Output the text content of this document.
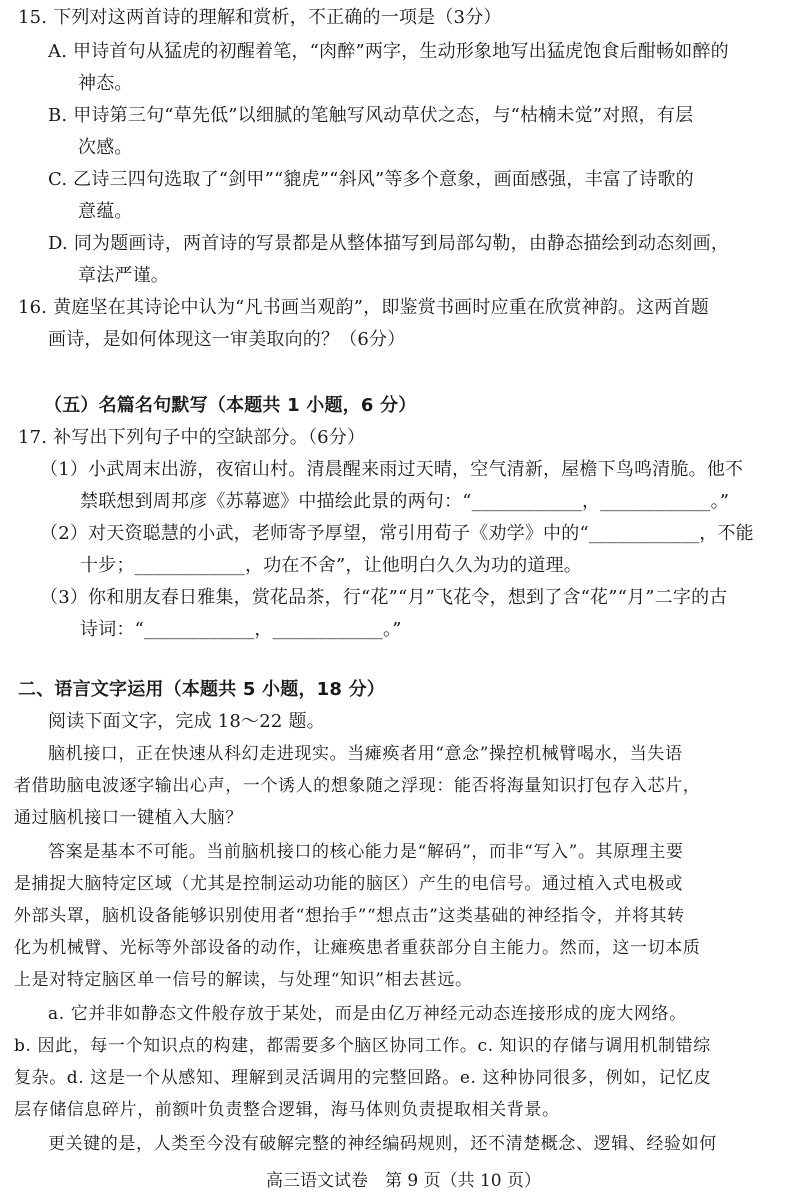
15. 下列对这两首诗的理解和赏析，不正确的一项是（3分）
A. 甲诗首句从猛虎的初醒着笔，“肉醉”两字，生动形象地写出猛虎饱食后酣畅如醉的
神态。
B. 甲诗第三句“草先低”以细腻的笔触写风动草伏之态，与“枯楠未觉”对照，有层
次感。
C. 乙诗三四句选取了“剑甲”“貔虎”“斜风”等多个意象，画面感强，丰富了诗歌的
意蕴。
D. 同为题画诗，两首诗的写景都是从整体描写到局部勾勒，由静态描绘到动态刻画，
章法严谨。
16. 黄庭坚在其诗论中认为“凡书画当观韵”，即鉴赏书画时应重在欣赏神韵。这两首题
画诗，是如何体现这一审美取向的？（6分）
（五）名篇名句默写（本题共 1 小题，6 分）
17. 补写出下列句子中的空缺部分。（6分）
（1）小武周末出游，夜宿山村。清晨醒来雨过天晴，空气清新，屋檐下鸟鸣清脆。他不
禁联想到周邦彦《苏幕遮》中描绘此景的两句：“____________，____________。”
（2）对天资聪慧的小武，老师寄予厚望，常引用荀子《劝学》中的“____________，不能
十步；____________，功在不舍”，让他明白久久为功的道理。
（3）你和朋友春日雅集，赏花品茶，行“花”“月”飞花令，想到了含“花”“月”二字的古
诗词：“____________，____________。”
二、语言文字运用（本题共 5 小题，18 分）
阅读下面文字，完成 18～22 题。
脑机接口，正在快速从科幻走进现实。当瘫痪者用“意念”操控机械臂喝水，当失语
者借助脑电波逐字输出心声，一个诱人的想象随之浮现：能否将海量知识打包存入芯片，
通过脑机接口一键植入大脑？
答案是基本不可能。当前脑机接口的核心能力是“解码”，而非“写入”。其原理主要
是捕捉大脑特定区域（尤其是控制运动功能的脑区）产生的电信号。通过植入式电极或
外部头罩，脑机设备能够识别使用者“想抬手”“想点击”这类基础的神经指令，并将其转
化为机械臂、光标等外部设备的动作，让瘫痪患者重获部分自主能力。然而，这一切本质
上是对特定脑区单一信号的解读，与处理“知识”相去甚远。
a. 它并非如静态文件般存放于某处，而是由亿万神经元动态连接形成的庞大网络。
b. 因此，每一个知识点的构建，都需要多个脑区协同工作。c. 知识的存储与调用机制错综
复杂。d. 这是一个从感知、理解到灵活调用的完整回路。e. 这种协同很多，例如，记忆皮
层存储信息碎片，前额叶负责整合逻辑，海马体则负责提取相关背景。
更关键的是，人类至今没有破解完整的神经编码规则，还不清楚概念、逻辑、经验如何
高三语文试卷　第 9 页（共 10 页）
